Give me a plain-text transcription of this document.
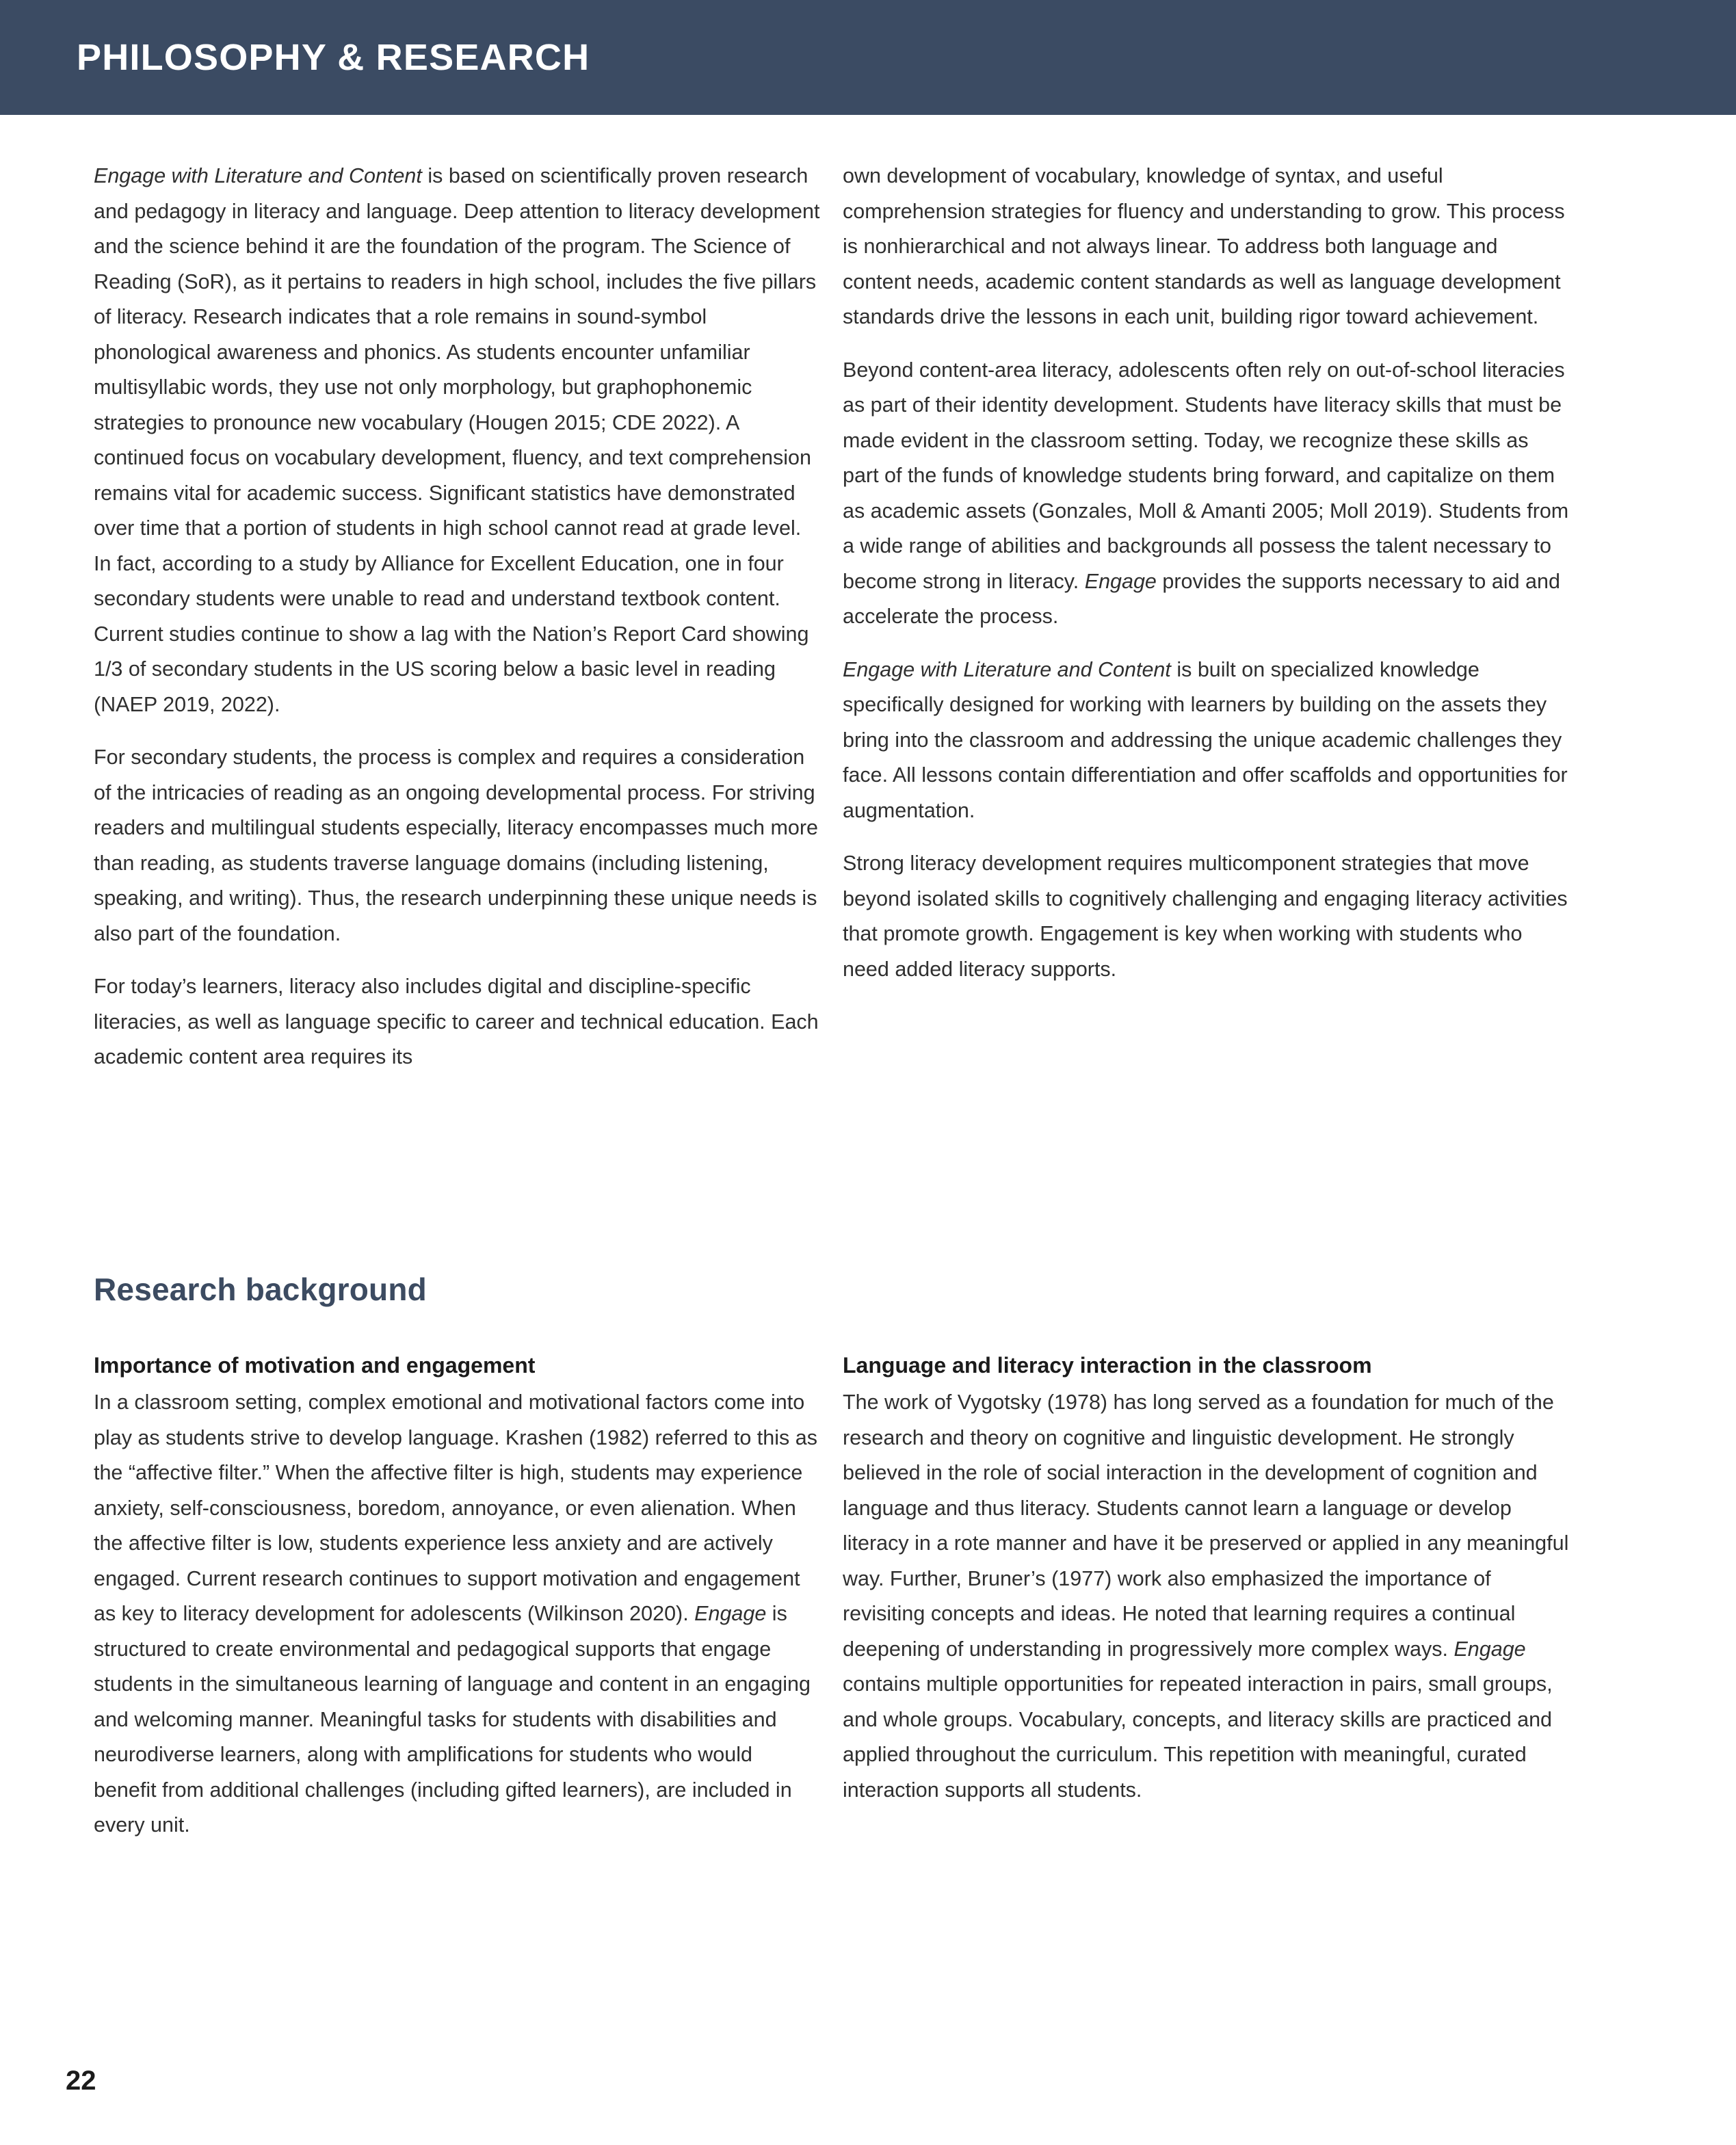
PHILOSOPHY & RESEARCH

Engage with Literature and Content is based on scientifically proven research and pedagogy in literacy and language. Deep attention to literacy development and the science behind it are the foundation of the program. The Science of Reading (SoR), as it pertains to readers in high school, includes the five pillars of literacy. Research indicates that a role remains in sound-symbol phonological awareness and phonics. As students encounter unfamiliar multisyllabic words, they use not only morphology, but graphophonemic strategies to pronounce new vocabulary (Hougen 2015; CDE 2022). A continued focus on vocabulary development, fluency, and text comprehension remains vital for academic success. Significant statistics have demonstrated over time that a portion of students in high school cannot read at grade level. In fact, according to a study by Alliance for Excellent Education, one in four secondary students were unable to read and understand textbook content. Current studies continue to show a lag with the Nation’s Report Card showing 1/3 of secondary students in the US scoring below a basic level in reading (NAEP 2019, 2022).

For secondary students, the process is complex and requires a consideration of the intricacies of reading as an ongoing developmental process. For striving readers and multilingual students especially, literacy encompasses much more than reading, as students traverse language domains (including listening, speaking, and writing). Thus, the research underpinning these unique needs is also part of the foundation.

For today’s learners, literacy also includes digital and discipline-specific literacies, as well as language specific to career and technical education. Each academic content area requires its

own development of vocabulary, knowledge of syntax, and useful comprehension strategies for fluency and understanding to grow. This process is nonhierarchical and not always linear. To address both language and content needs, academic content standards as well as language development standards drive the lessons in each unit, building rigor toward achievement.

Beyond content-area literacy, adolescents often rely on out-of-school literacies as part of their identity development. Students have literacy skills that must be made evident in the classroom setting. Today, we recognize these skills as part of the funds of knowledge students bring forward, and capitalize on them as academic assets (Gonzales, Moll & Amanti 2005; Moll 2019). Students from a wide range of abilities and backgrounds all possess the talent necessary to become strong in literacy. Engage provides the supports necessary to aid and accelerate the process.

Engage with Literature and Content is built on specialized knowledge specifically designed for working with learners by building on the assets they bring into the classroom and addressing the unique academic challenges they face. All lessons contain differentiation and offer scaffolds and opportunities for augmentation.

Strong literacy development requires multicomponent strategies that move beyond isolated skills to cognitively challenging and engaging literacy activities that promote growth. Engagement is key when working with students who need added literacy supports.

Research background
Importance of motivation and engagement

In a classroom setting, complex emotional and motivational factors come into play as students strive to develop language. Krashen (1982) referred to this as the “affective filter.” When the affective filter is high, students may experience anxiety, self-consciousness, boredom, annoyance, or even alienation. When the affective filter is low, students experience less anxiety and are actively engaged. Current research continues to support motivation and engagement as key to literacy development for adolescents (Wilkinson 2020). Engage is structured to create environmental and pedagogical supports that engage students in the simultaneous learning of language and content in an engaging and welcoming manner. Meaningful tasks for students with disabilities and neurodiverse learners, along with amplifications for students who would benefit from additional challenges (including gifted learners), are included in every unit.

Language and literacy interaction in the classroom

The work of Vygotsky (1978) has long served as a foundation for much of the research and theory on cognitive and linguistic development. He strongly believed in the role of social interaction in the development of cognition and language and thus literacy. Students cannot learn a language or develop literacy in a rote manner and have it be preserved or applied in any meaningful way. Further, Bruner’s (1977) work also emphasized the importance of revisiting concepts and ideas. He noted that learning requires a continual deepening of understanding in progressively more complex ways. Engage contains multiple opportunities for repeated interaction in pairs, small groups, and whole groups. Vocabulary, concepts, and literacy skills are practiced and applied throughout the curriculum. This repetition with meaningful, curated interaction supports all students.

22
